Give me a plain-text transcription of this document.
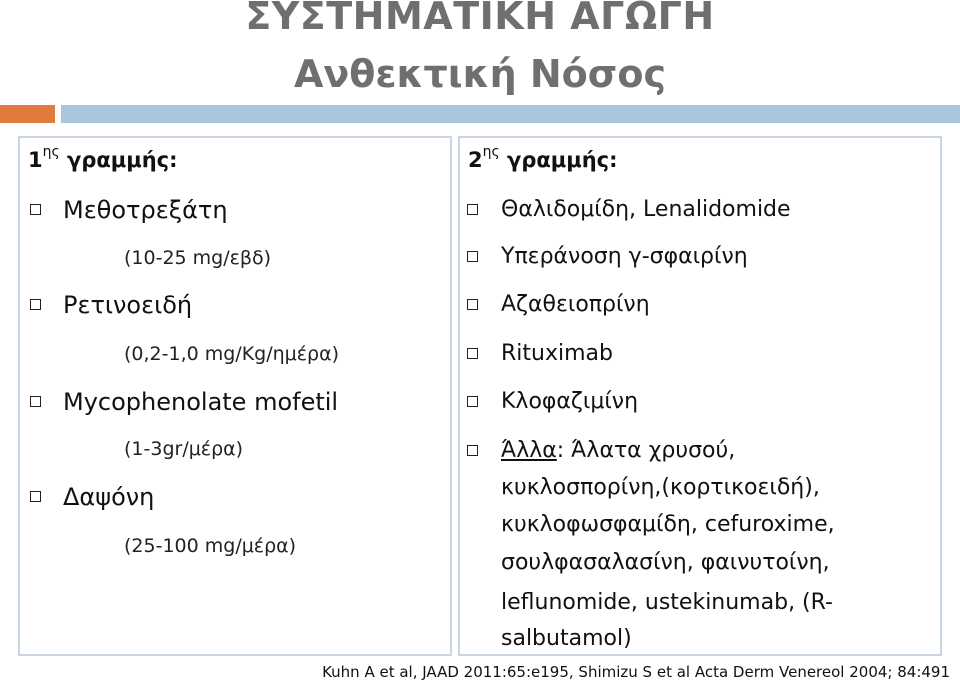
ΣΥΣΤΗΜΑΤΙΚΗ ΑΓΩΓΗ
Ανθεκτική Νόσος
$1^{\eta\varsigma}$ γραμμής:
Μεθοτρεξάτη
(10-25 mg/εβδ)
Ρετινοειδή
(0,2-1,0 mg/Kg/ημέρα)
Mycophenolate mofetil
(1-3gr/μέρα)
Δαψόνη
(25-100 mg/μέρα)
$2^{\eta\varsigma}$ γραμμής:
Θαλιδομίδη, Lenalidomide
Υπεράνοση γ-σφαιρίνη
Αζαθειοπρίνη
Rituximab
Κλοφαζιμίνη
Άλλα: Άλατα χρυσού,
κυκλοσπορίνη,(κορτικοειδή),
κυκλοφωσφαμίδη, cefuroxime,
σουλφασαλασίνη, φαινυτοίνη,
leflunomide, ustekinumab, (R-
salbutamol)
Kuhn A et al, JAAD 2011:65:e195, Shimizu S et al Acta Derm Venereol 2004; 84:491
